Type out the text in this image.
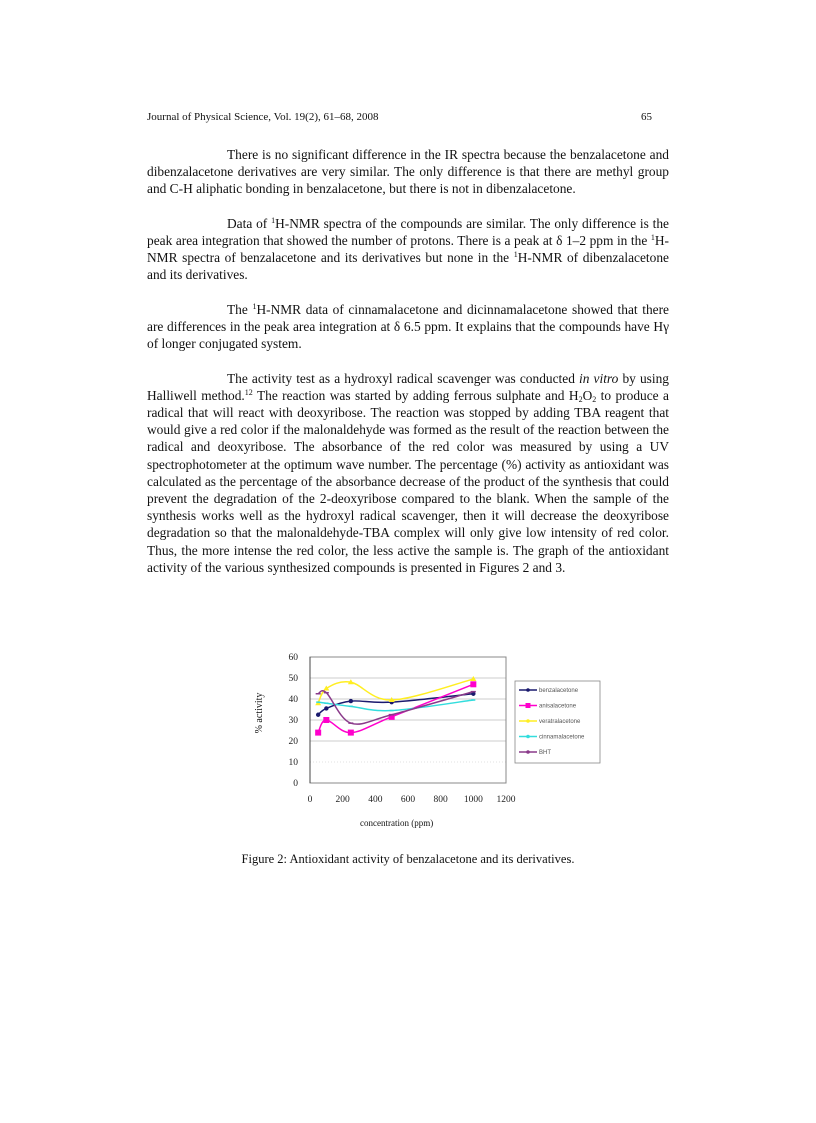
Journal of Physical Science, Vol. 19(2), 61–68, 2008	65

There is no significant difference in the IR spectra because the benzalacetone and dibenzalacetone derivatives are very similar. The only difference is that there are methyl group and C-H aliphatic bonding in benzalacetone, but there is not in dibenzalacetone.

Data of $^1$H-NMR spectra of the compounds are similar. The only difference is the peak area integration that showed the number of protons. There is a peak at δ 1–2 ppm in the $^1$H-NMR spectra of benzalacetone and its derivatives but none in the $^1$H-NMR of dibenzalacetone and its derivatives.

The $^1$H-NMR data of cinnamalacetone and dicinnamalacetone showed that there are differences in the peak area integration at δ 6.5 ppm. It explains that the compounds have Hγ of longer conjugated system.

The activity test as a hydroxyl radical scavenger was conducted in vitro by using Halliwell method.$^{12}$ The reaction was started by adding ferrous sulphate and $H_2O_2$ to produce a radical that will react with deoxyribose. The reaction was stopped by adding TBA reagent that would give a red color if the malonaldehyde was formed as the result of the reaction between the radical and deoxyribose. The absorbance of the red color was measured by using a UV spectrophotometer at the optimum wave number. The percentage (%) activity as antioxidant was calculated as the percentage of the absorbance decrease of the product of the synthesis that could prevent the degradation of the 2-deoxyribose compared to the blank. When the sample of the synthesis works well as the hydroxyl radical scavenger, then it will decrease the deoxyribose degradation so that the malonaldehyde-TBA complex will only give low intensity of red color. Thus, the more intense the red color, the less active the sample is. The graph of the antioxidant activity of the various synthesized compounds is presented in Figures 2 and 3.

% activity
0
10
20
30
40
50
60
0 200 400 600 800 1000 1200
benzalacetone
anisalacetone
veratralacetone
cinnamalacetone
BHT
concentration (ppm)
Figure 2: Antioxidant activity of benzalacetone and its derivatives.
